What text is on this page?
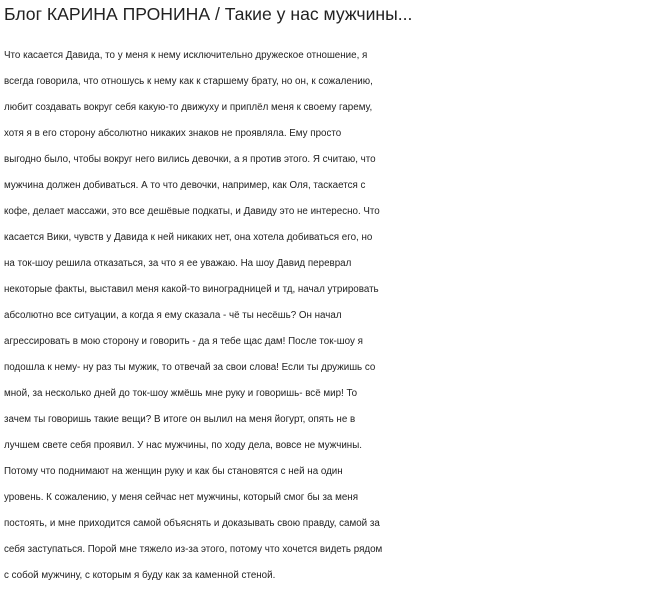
Блог КАРИНА ПРОНИНА / Такие у нас мужчины...
Что касается Давида, то у меня к нему исключительно дружеское отношение, я
всегда говорила, что отношусь к нему как к старшему брату, но он, к сожалению,
любит создавать вокруг себя какую-то движуху и приплёл меня к своему гарему,
хотя я в его сторону абсолютно никаких знаков не проявляла. Ему просто
выгодно было, чтобы вокруг него вились девочки, а я против этого. Я считаю, что
мужчина должен добиваться. А то что девочки, например, как Оля, таскается с
кофе, делает массажи, это все дешёвые подкаты, и Давиду это не интересно. Что
касается Вики, чувств у Давида к ней никаких нет, она хотела добиваться его, но
на ток-шоу решила отказаться, за что я ее уважаю. На шоу Давид переврал
некоторые факты, выставил меня какой-то виноградницей и тд, начал утрировать
абсолютно все ситуации, а когда я ему сказала - чё ты несёшь? Он начал
агрессировать в мою сторону и говорить - да я тебе щас дам! После ток-шоу я
подошла к нему- ну раз ты мужик, то отвечай за свои слова! Если ты дружишь со
мной, за несколько дней до ток-шоу жмёшь мне руку и говоришь- всё мир! То
зачем ты говоришь такие вещи? В итоге он вылил на меня йогурт, опять не в
лучшем свете себя проявил. У нас мужчины, по ходу дела, вовсе не мужчины.
Потому что поднимают на женщин руку и как бы становятся с ней на один
уровень. К сожалению, у меня сейчас нет мужчины, который смог бы за меня
постоять, и мне приходится самой объяснять и доказывать свою правду, самой за
себя заступаться. Порой мне тяжело из-за этого, потому что хочется видеть рядом
с собой мужчину, с которым я буду как за каменной стеной.
